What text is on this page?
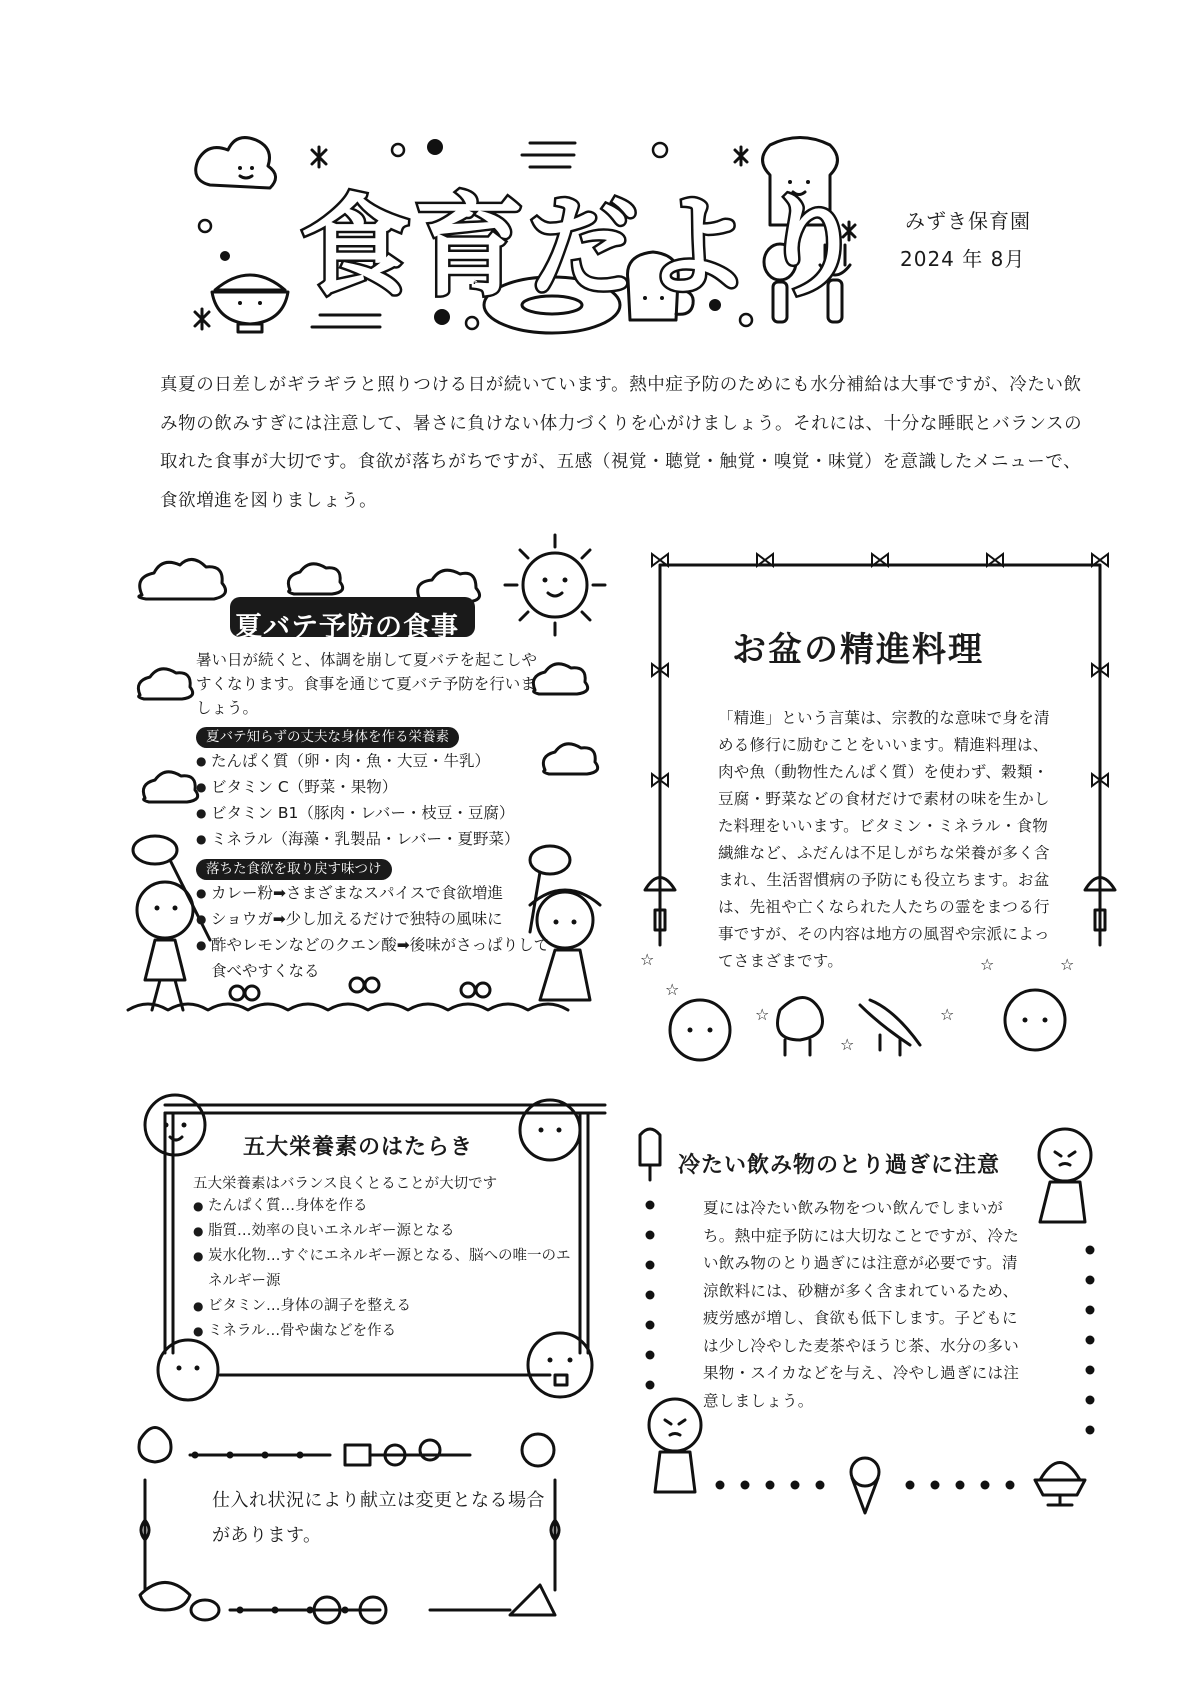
食育だより みずき保育園
2024 年 8月

真夏の日差しがギラギラと照りつける日が続いています。熱中症予防のためにも水分補給は大事ですが、冷たい飲み物の飲みすぎには注意して、暑さに負けない体力づくりを心がけましょう。それには、十分な睡眠とバランスの取れた食事が大切です。食欲が落ちがちですが、五感（視覚・聴覚・触覚・嗅覚・味覚）を意識したメニューで、食欲増進を図りましょう。

夏バテ予防の食事

暑い日が続くと、体調を崩して夏バテを起こしやすくなります。食事を通じて夏バテ予防を行いましょう。

夏バテ知らずの丈夫な身体を作る栄養素
● たんぱく質（卵・肉・魚・大豆・牛乳）
● ビタミン C（野菜・果物）
● ビタミン B1（豚肉・レバー・枝豆・豆腐）
● ミネラル（海藻・乳製品・レバー・夏野菜）
落ちた食欲を取り戻す味つけ
● カレー粉➡さまざまなスパイスで食欲増進
● ショウガ➡少し加えるだけで独特の風味に
● 酢やレモンなどのクエン酸➡後味がさっぱりして食べやすくなる
☆
☆
☆
☆
☆
☆	☆
お盆の精進料理

「精進」という言葉は、宗教的な意味で身を清める修行に励むことをいいます。精進料理は、肉や魚（動物性たんぱく質）を使わず、穀類・豆腐・野菜などの食材だけで素材の味を生かした料理をいいます。ビタミン・ミネラル・食物繊維など、ふだんは不足しがちな栄養が多く含まれ、生活習慣病の予防にも役立ちます。お盆は、先祖や亡くなられた人たちの霊をまつる行事ですが、その内容は地方の風習や宗派によってさまざまです。

五大栄養素のはたらき
五大栄養素はバランス良くとることが大切です
● たんぱく質…身体を作る
● 脂質…効率の良いエネルギー源となる
● 炭水化物…すぐにエネルギー源となる、脳への唯一のエネルギー源
● ビタミン…身体の調子を整える
● ミネラル…骨や歯などを作る
冷たい飲み物のとり過ぎに注意

夏には冷たい飲み物をつい飲んでしまいがち。熱中症予防には大切なことですが、冷たい飲み物のとり過ぎには注意が必要です。清涼飲料には、砂糖が多く含まれているため、疲労感が増し、食欲も低下します。子どもには少し冷やした麦茶やほうじ茶、水分の多い果物・スイカなどを与え、冷やし過ぎには注意しましょう。

仕入れ状況により献立は変更となる場合があります。
